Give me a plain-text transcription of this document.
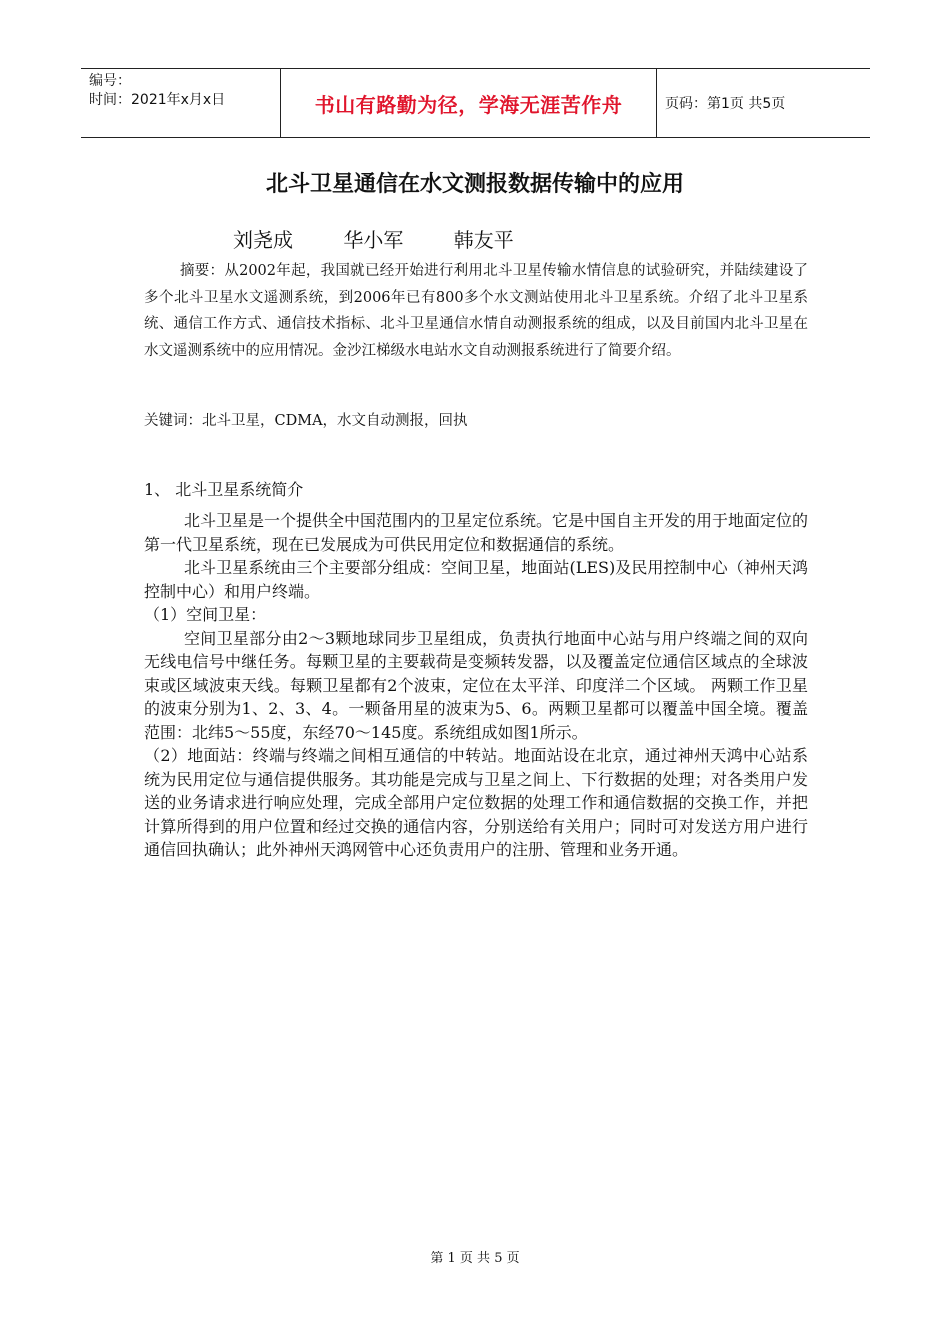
编号：
时间：2021年x月x日	书山有路勤为径，学海无涯苦作舟	页码：第1页 共5页
北斗卫星通信在水文测报数据传输中的应用
刘尧成	华小军	韩友平
摘要：从2002年起，我国就已经开始进行利用北斗卫星传输水情信息的试验研究，并陆续建设了多个北斗卫星水文遥测系统，到2006年已有800多个水文测站使用北斗卫星系统。介绍了北斗卫星系统、通信工作方式、通信技术指标、北斗卫星通信水情自动测报系统的组成，以及目前国内北斗卫星在水文遥测系统中的应用情况。金沙江梯级水电站水文自动测报系统进行了简要介绍。
关键词：北斗卫星，CDMA，水文自动测报，回执
1、 北斗卫星系统简介

北斗卫星是一个提供全中国范围内的卫星定位系统。它是中国自主开发的用于地面定位的第一代卫星系统，现在已发展成为可供民用定位和数据通信的系统。

北斗卫星系统由三个主要部分组成：空间卫星，地面站(LES)及民用控制中心（神州天鸿控制中心）和用户终端。

（1）空间卫星：

空间卫星部分由2～3颗地球同步卫星组成，负责执行地面中心站与用户终端之间的双向无线电信号中继任务。每颗卫星的主要载荷是变频转发器，以及覆盖定位通信区域点的全球波束或区域波束天线。每颗卫星都有2个波束，定位在太平洋、印度洋二个区域。 两颗工作卫星的波束分别为1、2、3、4。一颗备用星的波束为5、6。两颗卫星都可以覆盖中国全境。覆盖范围：北纬5～55度，东经70～145度。系统组成如图1所示。

（2）地面站：终端与终端之间相互通信的中转站。地面站设在北京，通过神州天鸿中心站系统为民用定位与通信提供服务。其功能是完成与卫星之间上、下行数据的处理；对各类用户发送的业务请求进行响应处理，完成全部用户定位数据的处理工作和通信数据的交换工作，并把计算所得到的用户位置和经过交换的通信内容，分别送给有关用户；同时可对发送方用户进行通信回执确认；此外神州天鸿网管中心还负责用户的注册、管理和业务开通。

第 1 页 共 5 页
